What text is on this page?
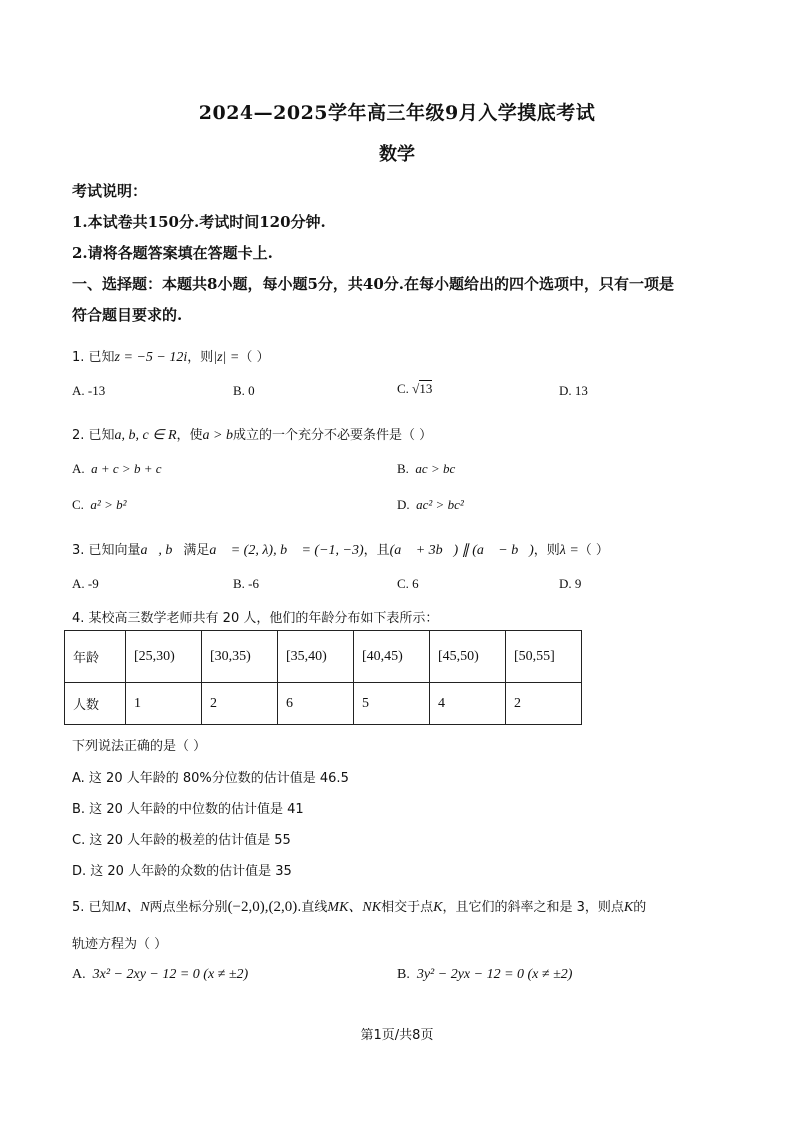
2024—2025学年高三年级9月入学摸底考试
数学
考试说明：
1.本试卷共150分.考试时间120分钟.
2.请将各题答案填在答题卡上.
一、选择题：本题共8小题，每小题5分，共40分.在每小题给出的四个选项中，只有一项是
符合题目要求的.
1. 已知z = −5 − 12i，则|z| =（ ）
A. -13	B. 0	C. √13	D. 13
2. 已知a, b, c ∈ R，使a > b成立的一个充分不必要条件是（ ）
A. a + c > b + c	B. ac > bc
C. a² > b²	D. ac² > bc²
3. 已知向量a⃗, b⃗满足a⃗ = (2, λ), b⃗ = (−1, −3)，且(a⃗ + 3b⃗) ∥ (a⃗ − b⃗)，则λ =（ ）
A. -9	B. -6	C. 6	D. 9
4. 某校高三数学老师共有 20 人，他们的年龄分布如下表所示：
年龄	[25,30)	[30,35)	[35,40)	[40,45)	[45,50)	[50,55]
人数	1	2	6	5	4	2
下列说法正确的是（ ）
A. 这 20 人年龄的 80%分位数的估计值是 46.5
B. 这 20 人年龄的中位数的估计值是 41
C. 这 20 人年龄的极差的估计值是 55
D. 这 20 人年龄的众数的估计值是 35
5. 已知M、N两点坐标分别(−2,0),(2,0).直线MK、NK相交于点K，且它们的斜率之和是 3，则点K的
轨迹方程为（ ）
A. 3x² − 2xy − 12 = 0 (x ≠ ±2)	B. 3y² − 2yx − 12 = 0 (x ≠ ±2)
第1页/共8页
